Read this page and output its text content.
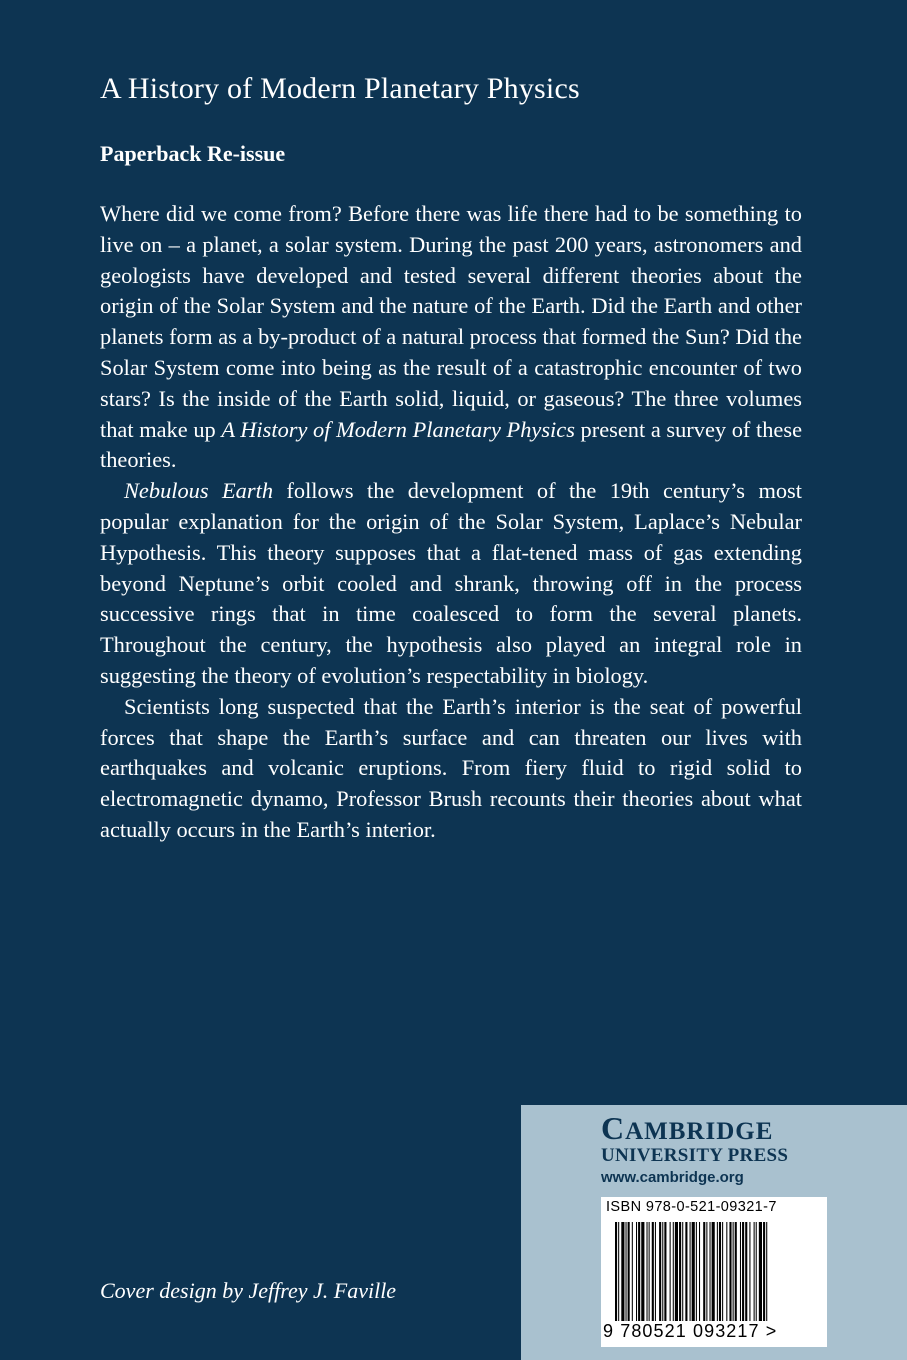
A History of Modern Planetary Physics
Paperback Re-issue

Where did we come from? Before there was life there had to be something to live on – a planet, a solar system. During the past 200 years, astronomers and geologists have developed and tested several different theories about the origin of the Solar System and the nature of the Earth. Did the Earth and other planets form as a by-product of a natural process that formed the Sun? Did the Solar System come into being as the result of a catastrophic encounter of two stars? Is the inside of the Earth solid, liquid, or gaseous? The three volumes that make up A History of Modern Planetary Physics present a survey of these theories.

Nebulous Earth follows the development of the 19th century’s most popular explanation for the origin of the Solar System, Laplace’s Nebular Hypothesis. This theory supposes that a flat-tened mass of gas extending beyond Neptune’s orbit cooled and shrank, throwing off in the process successive rings that in time coalesced to form the several planets. Throughout the century, the hypothesis also played an integral role in suggesting the theory of evolution’s respectability in biology.

Scientists long suspected that the Earth’s interior is the seat of powerful forces that shape the Earth’s surface and can threaten our lives with earthquakes and volcanic eruptions. From fiery fluid to rigid solid to electromagnetic dynamo, Professor Brush recounts their theories about what actually occurs in the Earth’s interior.

Cover design by Jeffrey J. Faville
CAMBRIDGE
UNIVERSITY PRESS
www.cambridge.org
ISBN 978-0-521-09321-7
9 780521 093217 >
